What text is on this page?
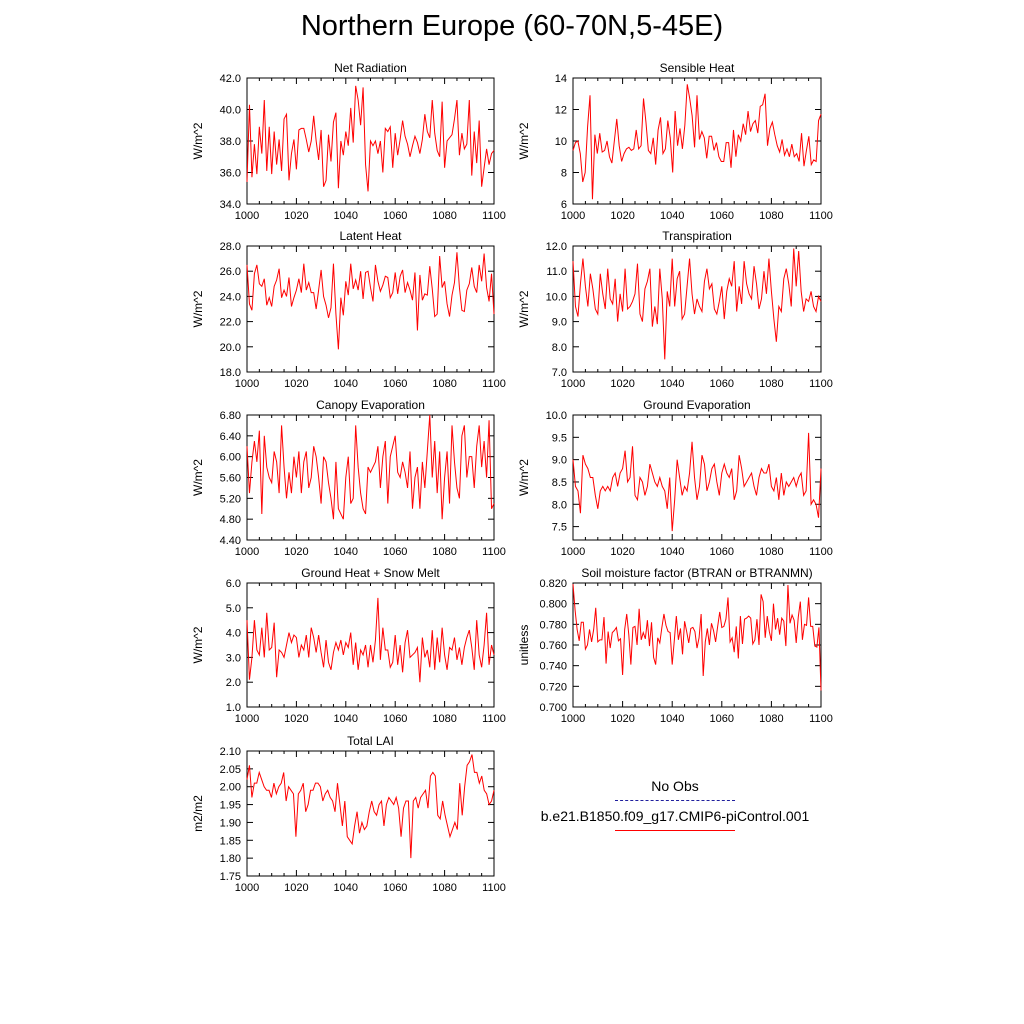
Northern Europe (60-70N,5-45E)
1000 1020 1040 1060 1080 1100
34.0
36.0
38.0
40.0
42.0
W/m^2
Net Radiation
1000 1020 1040 1060 1080 1100
6
8
10
12
14
W/m^2
Sensible Heat
1000 1020 1040 1060 1080 1100
18.0
20.0
22.0
24.0
26.0
28.0
W/m^2
Latent Heat
1000 1020 1040 1060 1080 1100
7.0
8.0
9.0
10.0
11.0
12.0
W/m^2
Transpiration
1000 1020 1040 1060 1080 1100
4.40
4.80
5.20
5.60
6.00
6.40
6.80
W/m^2
Canopy Evaporation
1000 1020 1040 1060 1080 1100
7.5
8.0
8.5
9.0
9.5
10.0
W/m^2
Ground Evaporation
1000 1020 1040 1060 1080 1100
1.0
2.0
3.0
4.0
5.0
6.0
W/m^2
Ground Heat + Snow Melt
1000 1020 1040 1060 1080 1100
0.700
0.720
0.740
0.760
0.780
0.800
0.820
unitless
Soil moisture factor (BTRAN or BTRANMN)
1000 1020 1040 1060 1080 1100
1.75
1.80
1.85
1.90
1.95
2.00
2.05
2.10
m2/m2
Total LAI
No Obs
b.e21.B1850.f09_g17.CMIP6-piControl.001
